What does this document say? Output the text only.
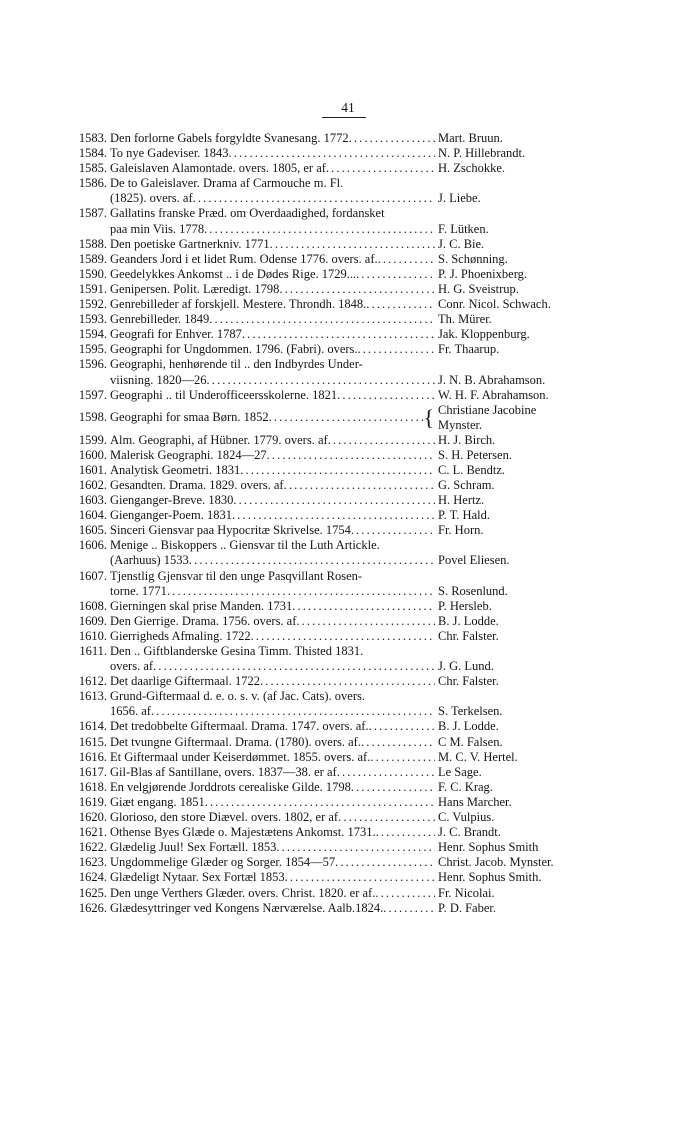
41
1583. Den forlorne Gabels forgyldte Svanesang. 1772 . . .	Mart. Bruun.
1584. To nye Gadeviser. 1843 . . .	N. P. Hillebrandt.
1585. Galeislaven Alamontade. overs. 1805, er af . . .	H. Zschokke.
1586. De to Galeislaver. Drama af Carmouche m. Fl.
(1825). overs. af . . .	J. Liebe.
1587. Gallatins franske Præd. om Overdaadighed, fordansket
paa min Viis. 1778 . . .	F. Lütken.
1588. Den poetiske Gartnerkniv. 1771 . . .	J. C. Bie.
1589. Geanders Jord i et lidet Rum. Odense 1776. overs. af. . . .	S. Schønning.
1590. Geedelykkes Ankomst .. i de Dødes Rige. 1729... . . .	P. J. Phoenixberg.
1591. Genipersen. Polit. Læredigt. 1798 . . .	H. G. Sveistrup.
1592. Genrebilleder af forskjell. Mestere. Throndh. 1848. . . .	Conr. Nicol. Schwach.
1593. Genrebilleder. 1849 . . .	Th. Mürer.
1594. Geografi for Enhver. 1787 . . .	Jak. Kloppenburg.
1595. Geographi for Ungdommen. 1796. (Fabri). overs. . . .	Fr. Thaarup.
1596. Geographi, henhørende til .. den Indbyrdes Under-
viisning. 1820—26 . . .	J. N. B. Abrahamson.
1597. Geographi .. til Underofficeersskolerne. 1821 . . .	W. H. F. Abrahamson.
1598. Geographi for smaa Børn. 1852 . . .	{ Christiane Jacobine
Mynster.
1599. Alm. Geographi, af Hübner. 1779. overs. af . . .	H. J. Birch.
1600. Malerisk Geographi. 1824—27 . . .	S. H. Petersen.
1601. Analytisk Geometri. 1831 . . .	C. L. Bendtz.
1602. Gesandten. Drama. 1829. overs. af . . .	G. Schram.
1603. Gienganger-Breve. 1830 . . .	H. Hertz.
1604. Gienganger-Poem. 1831 . . .	P. T. Hald.
1605. Sinceri Giensvar paa Hypocritæ Skrivelse. 1754 . . .	Fr. Horn.
1606. Menige .. Biskoppers .. Giensvar til the Luth Artickle.
(Aarhuus) 1533 . . .	Povel Eliesen.
1607. Tjenstlig Gjensvar til den unge Pasqvillant Rosen-
torne. 1771 . . .	S. Rosenlund.
1608. Gierningen skal prise Manden. 1731 . . .	P. Hersleb.
1609. Den Gierrige. Drama. 1756. overs. af . . .	B. J. Lodde.
1610. Gierrigheds Afmaling. 1722 . . .	Chr. Falster.
1611. Den .. Giftblanderske Gesina Timm. Thisted 1831.
overs. af . . .	J. G. Lund.
1612. Det daarlige Giftermaal. 1722 . . .	Chr. Falster.
1613. Grund-Giftermaal d. e. o. s. v. (af Jac. Cats). overs.
1656. af . . .	S. Terkelsen.
1614. Det tredobbelte Giftermaal. Drama. 1747. overs. af. . . .	B. J. Lodde.
1615. Det tvungne Giftermaal. Drama. (1780). overs. af. . . .	C M. Falsen.
1616. Et Giftermaal under Keiserdømmet. 1855. overs. af. . . .	M. C. V. Hertel.
1617. Gil-Blas af Santillane, overs. 1837—38. er af . . .	Le Sage.
1618. En velgjørende Jorddrots cerealiske Gilde. 1798 . . .	F. C. Krag.
1619. Giæt engang. 1851 . . .	Hans Marcher.
1620. Glorioso, den store Diævel. overs. 1802, er af . . .	C. Vulpius.
1621. Othense Byes Glæde o. Majestætens Ankomst. 1731. . . .	J. C. Brandt.
1622. Glædelig Juul! Sex Fortæll. 1853 . . .	Henr. Sophus Smith
1623. Ungdommelige Glæder og Sorger. 1854—57 . . .	Christ. Jacob. Mynster.
1624. Glædeligt Nytaar. Sex Fortæl 1853 . . .	Henr. Sophus Smith.
1625. Den unge Verthers Glæder. overs. Christ. 1820. er af. . . .	Fr. Nicolai.
1626. Glædesyttringer ved Kongens Nærværelse. Aalb.1824. . . .	P. D. Faber.
